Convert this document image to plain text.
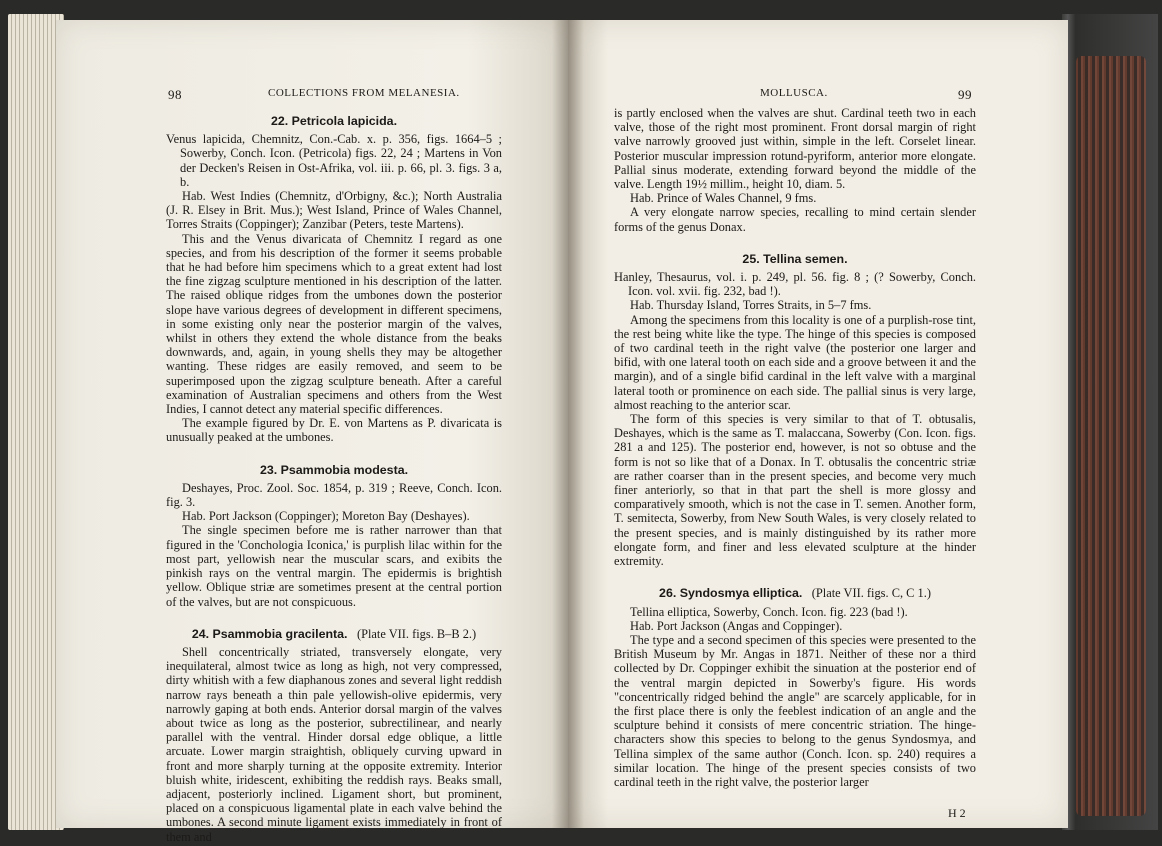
98	COLLECTIONS FROM MELANESIA.
22. Petricola lapicida.

Venus lapicida, Chemnitz, Con.-Cab. x. p. 356, figs. 1664–5 ; Sowerby, Conch. Icon. (Petricola) figs. 22, 24 ; Martens in Von der Decken's Reisen in Ost-Afrika, vol. iii. p. 66, pl. 3. figs. 3 a, b.

Hab. West Indies (Chemnitz, d'Orbigny, &c.); North Australia (J. R. Elsey in Brit. Mus.); West Island, Prince of Wales Channel, Torres Straits (Coppinger); Zanzibar (Peters, teste Martens).

This and the Venus divaricata of Chemnitz I regard as one species, and from his description of the former it seems probable that he had before him specimens which to a great extent had lost the fine zigzag sculpture mentioned in his description of the latter. The raised oblique ridges from the umbones down the posterior slope have various degrees of development in different specimens, in some existing only near the posterior margin of the valves, whilst in others they extend the whole distance from the beaks downwards, and, again, in young shells they may be altogether wanting. These ridges are easily removed, and seem to be superimposed upon the zigzag sculpture beneath. After a careful examination of Australian specimens and others from the West Indies, I cannot detect any material specific differences.

The example figured by Dr. E. von Martens as P. divaricata is unusually peaked at the umbones.

23. Psammobia modesta.

Deshayes, Proc. Zool. Soc. 1854, p. 319 ; Reeve, Conch. Icon. fig. 3.

Hab. Port Jackson (Coppinger); Moreton Bay (Deshayes).

The single specimen before me is rather narrower than that figured in the 'Conchologia Iconica,' is purplish lilac within for the most part, yellowish near the muscular scars, and exibits the pinkish rays on the ventral margin. The epidermis is brightish yellow. Oblique striæ are sometimes present at the central portion of the valves, but are not conspicuous.

24. Psammobia gracilenta. (Plate VII. figs. B–B 2.)

Shell concentrically striated, transversely elongate, very inequilateral, almost twice as long as high, not very compressed, dirty whitish with a few diaphanous zones and several light reddish narrow rays beneath a thin pale yellowish-olive epidermis, very narrowly gaping at both ends. Anterior dorsal margin of the valves about twice as long as the posterior, subrectilinear, and nearly parallel with the ventral. Hinder dorsal edge oblique, a little arcuate. Lower margin straightish, obliquely curving upward in front and more sharply turning at the opposite extremity. Interior bluish white, iridescent, exhibiting the reddish rays. Beaks small, adjacent, posteriorly inclined. Ligament short, but prominent, placed on a conspicuous ligamental plate in each valve behind the umbones. A second minute ligament exists immediately in front of them and

MOLLUSCA.	99

is partly enclosed when the valves are shut. Cardinal teeth two in each valve, those of the right most prominent. Front dorsal margin of right valve narrowly grooved just within, simple in the left. Corselet linear. Posterior muscular impression rotund-pyriform, anterior more elongate. Pallial sinus moderate, extending forward beyond the middle of the valve. Length 19½ millim., height 10, diam. 5.

Hab. Prince of Wales Channel, 9 fms.

A very elongate narrow species, recalling to mind certain slender forms of the genus Donax.

25. Tellina semen.

Hanley, Thesaurus, vol. i. p. 249, pl. 56. fig. 8 ; (? Sowerby, Conch. Icon. vol. xvii. fig. 232, bad !).

Hab. Thursday Island, Torres Straits, in 5–7 fms.

Among the specimens from this locality is one of a purplish-rose tint, the rest being white like the type. The hinge of this species is composed of two cardinal teeth in the right valve (the posterior one larger and bifid, with one lateral tooth on each side and a groove between it and the margin), and of a single bifid cardinal in the left valve with a marginal lateral tooth or prominence on each side. The pallial sinus is very large, almost reaching to the anterior scar.

The form of this species is very similar to that of T. obtusalis, Deshayes, which is the same as T. malaccana, Sowerby (Con. Icon. figs. 281 a and 125). The posterior end, however, is not so obtuse and the form is not so like that of a Donax. In T. obtusalis the concentric striæ are rather coarser than in the present species, and become very much finer anteriorly, so that in that part the shell is more glossy and comparatively smooth, which is not the case in T. semen. Another form, T. semitecta, Sowerby, from New South Wales, is very closely related to the present species, and is mainly distinguished by its rather more elongate form, and finer and less elevated sculpture at the hinder extremity.

26. Syndosmya elliptica. (Plate VII. figs. C, C 1.)

Tellina elliptica, Sowerby, Conch. Icon. fig. 223 (bad !).

Hab. Port Jackson (Angas and Coppinger).

The type and a second specimen of this species were presented to the British Museum by Mr. Angas in 1871. Neither of these nor a third collected by Dr. Coppinger exhibit the sinuation at the posterior end of the ventral margin depicted in Sowerby's figure. His words "concentrically ridged behind the angle" are scarcely applicable, for in the first place there is only the feeblest indication of an angle and the sculpture behind it consists of mere concentric striation. The hinge-characters show this species to belong to the genus Syndosmya, and Tellina simplex of the same author (Conch. Icon. sp. 240) requires a similar location. The hinge of the present species consists of two cardinal teeth in the right valve, the posterior larger

H 2
